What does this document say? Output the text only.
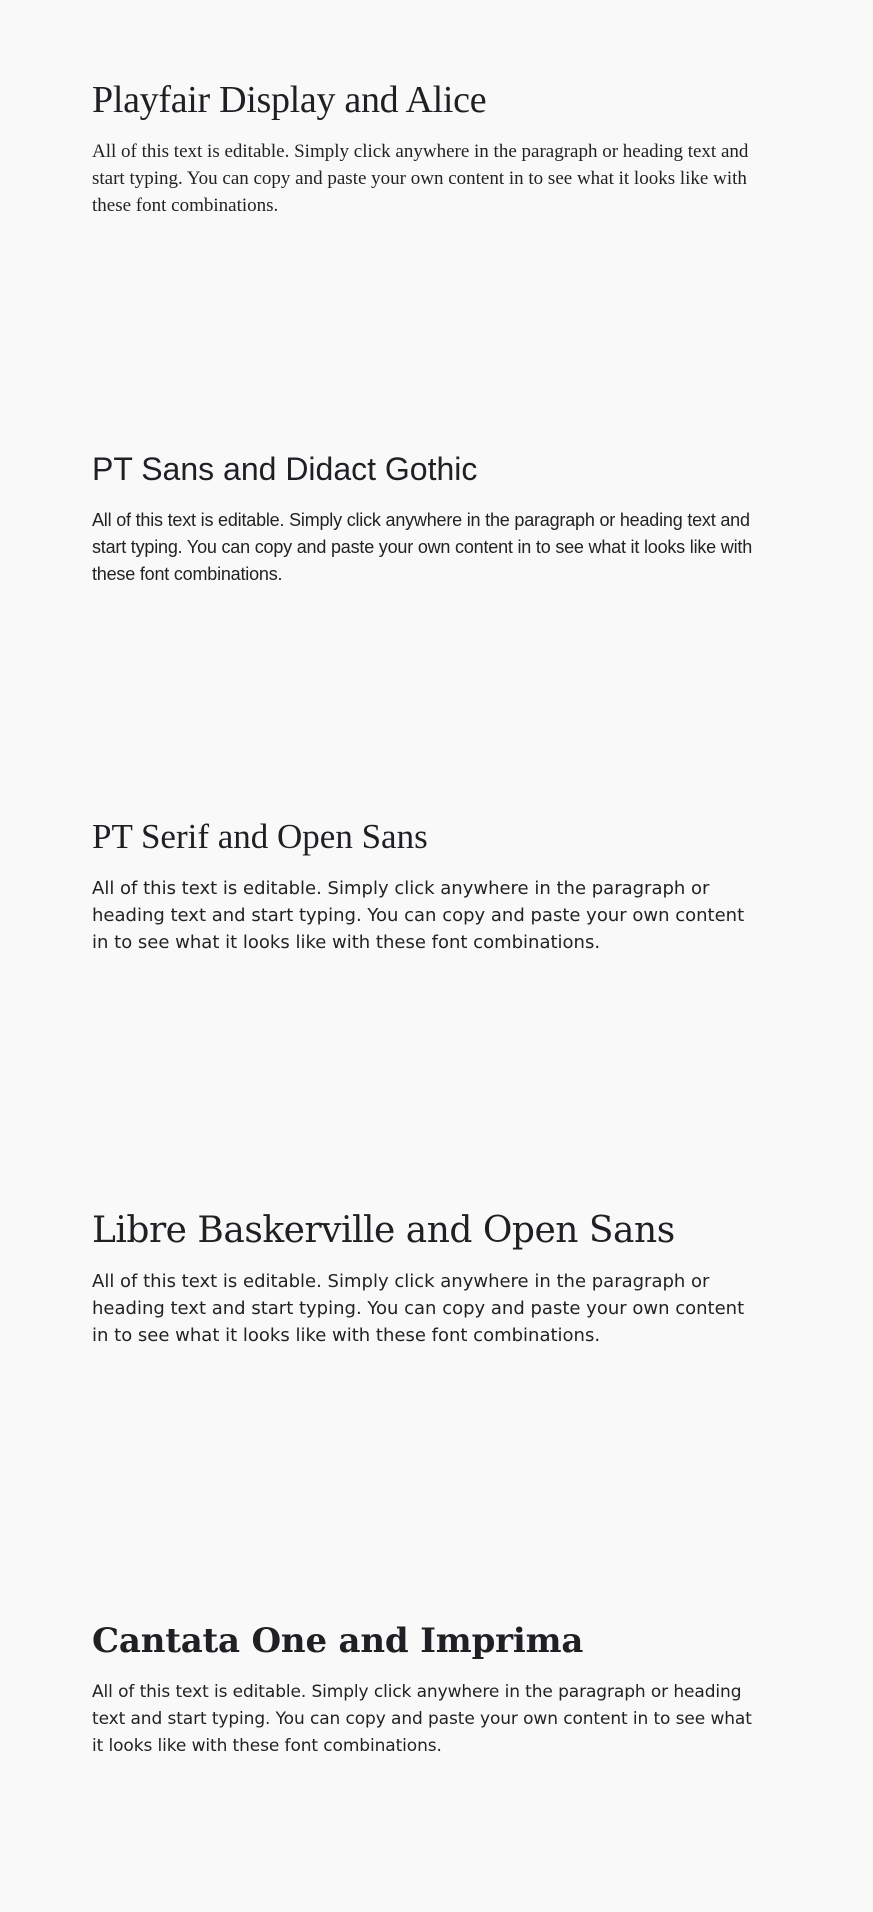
Playfair Display and Alice

All of this text is editable. Simply click anywhere in the paragraph or heading text and start typing. You can copy and paste your own content in to see what it looks like with these font combinations.

PT Sans and Didact Gothic

All of this text is editable. Simply click anywhere in the paragraph or heading text and start typing. You can copy and paste your own content in to see what it looks like with these font combinations.

PT Serif and Open Sans

All of this text is editable. Simply click anywhere in the paragraph or heading text and start typing. You can copy and paste your own content in to see what it looks like with these font combinations.

Libre Baskerville and Open Sans

All of this text is editable. Simply click anywhere in the paragraph or heading text and start typing. You can copy and paste your own content in to see what it looks like with these font combinations.

Cantata One and Imprima

All of this text is editable. Simply click anywhere in the paragraph or heading text and start typing. You can copy and paste your own content in to see what it looks like with these font combinations.
